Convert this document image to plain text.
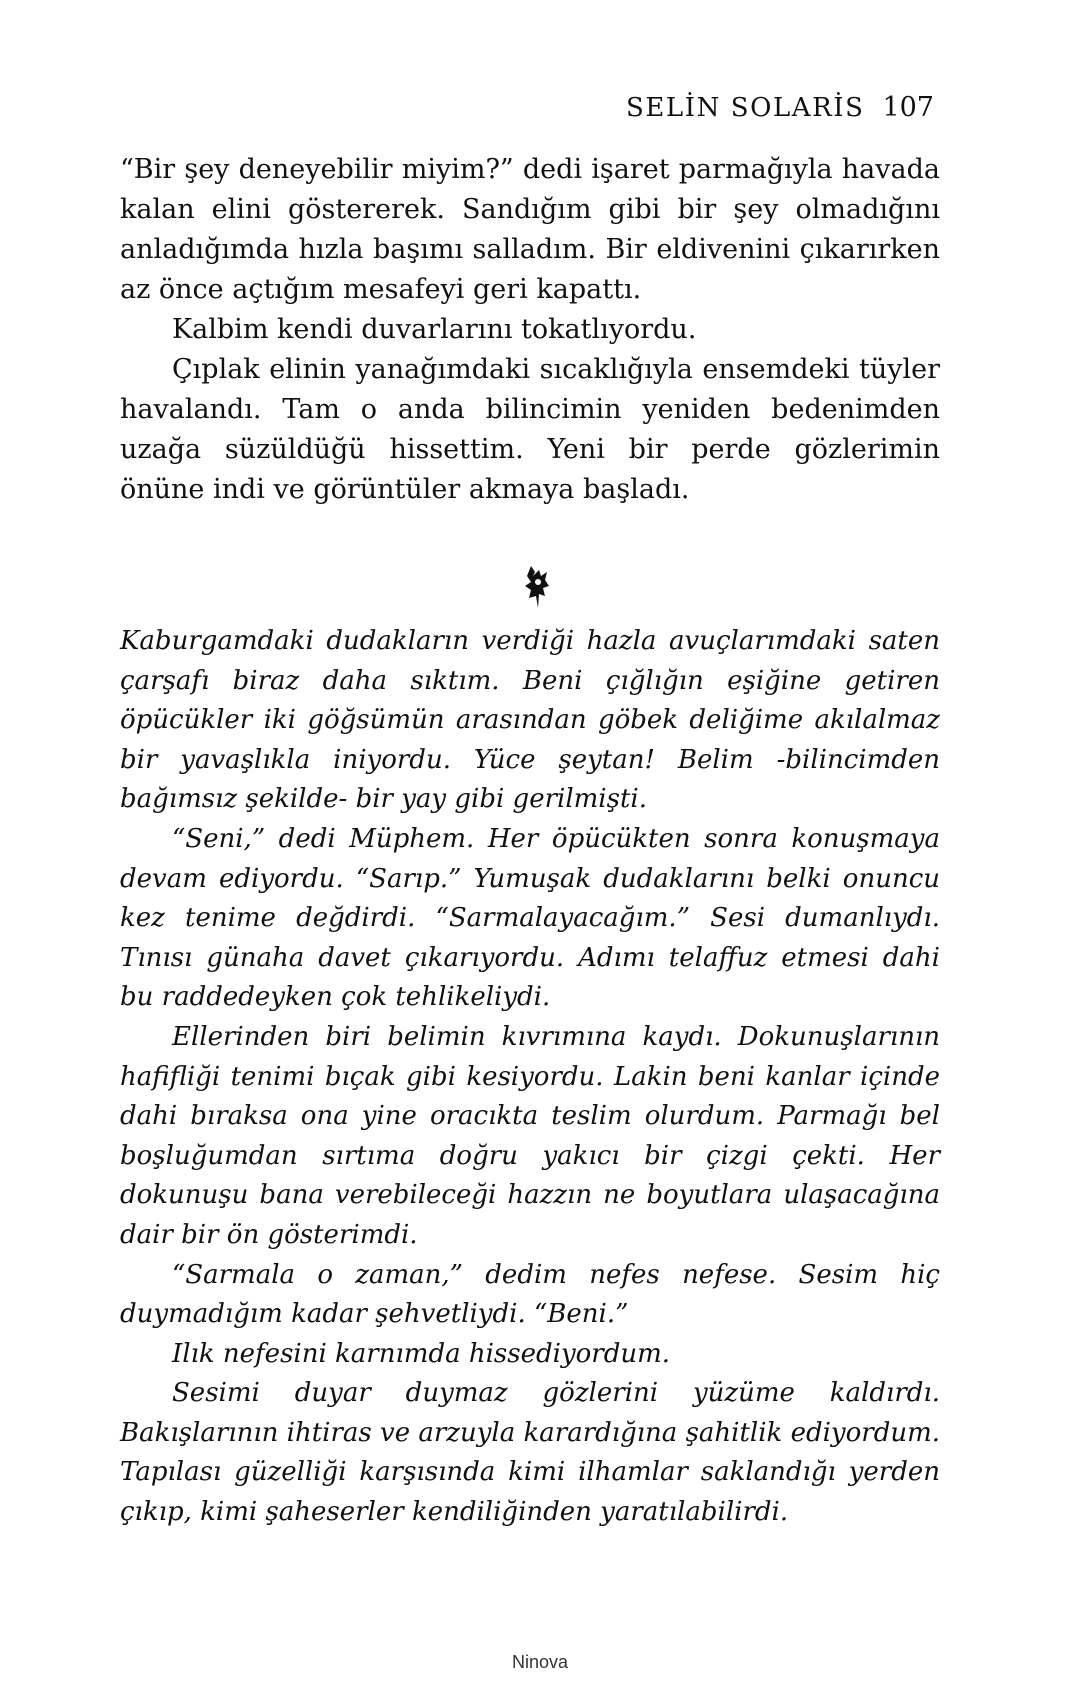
SELİN SOLARİS 107

“Bir şey deneyebilir miyim?” dedi işaret parmağıyla havada kalan elini göstererek. Sandığım gibi bir şey olmadığını anladığımda hızla başımı salladım. Bir eldivenini çıkarırken az önce açtığım mesafeyi geri kapattı.

Kalbim kendi duvarlarını tokatlıyordu.

Çıplak elinin yanağımdaki sıcaklığıyla ensemdeki tüyler havalandı. Tam o anda bilincimin yeniden bedenimden uzağa süzüldüğü hissettim. Yeni bir perde gözlerimin önüne indi ve görüntüler akmaya başladı.

Kaburgamdaki dudakların verdiği hazla avuçlarımdaki saten çarşafı biraz daha sıktım. Beni çığlığın eşiğine getiren öpücükler iki göğsümün arasından göbek deliğime akılalmaz bir yavaşlıkla iniyordu. Yüce şeytan! Belim -bilincimden bağımsız şekilde- bir yay gibi gerilmişti.

“Seni,” dedi Müphem. Her öpücükten sonra konuşmaya devam ediyordu. “Sarıp.” Yumuşak dudaklarını belki onuncu kez tenime değdirdi. “Sarmalayacağım.” Sesi dumanlıydı. Tınısı günaha davet çıkarıyordu. Adımı telaffuz etmesi dahi bu raddedeyken çok tehlikeliydi.

Ellerinden biri belimin kıvrımına kaydı. Dokunuşlarının hafifliği tenimi bıçak gibi kesiyordu. Lakin beni kanlar içinde dahi bıraksa ona yine oracıkta teslim olurdum. Parmağı bel boşluğumdan sırtıma doğru yakıcı bir çizgi çekti. Her dokunuşu bana verebileceği hazzın ne boyutlara ulaşacağına dair bir ön gösterimdi.

“Sarmala o zaman,” dedim nefes nefese. Sesim hiç duymadığım kadar şehvetliydi. “Beni.”

Ilık nefesini karnımda hissediyordum.

Sesimi duyar duymaz gözlerini yüzüme kaldırdı. Bakışlarının ihtiras ve arzuyla karardığına şahitlik ediyordum. Tapılası güzelliği karşısında kimi ilhamlar saklandığı yerden çıkıp, kimi şaheserler kendiliğinden yaratılabilirdi.

Ninova
